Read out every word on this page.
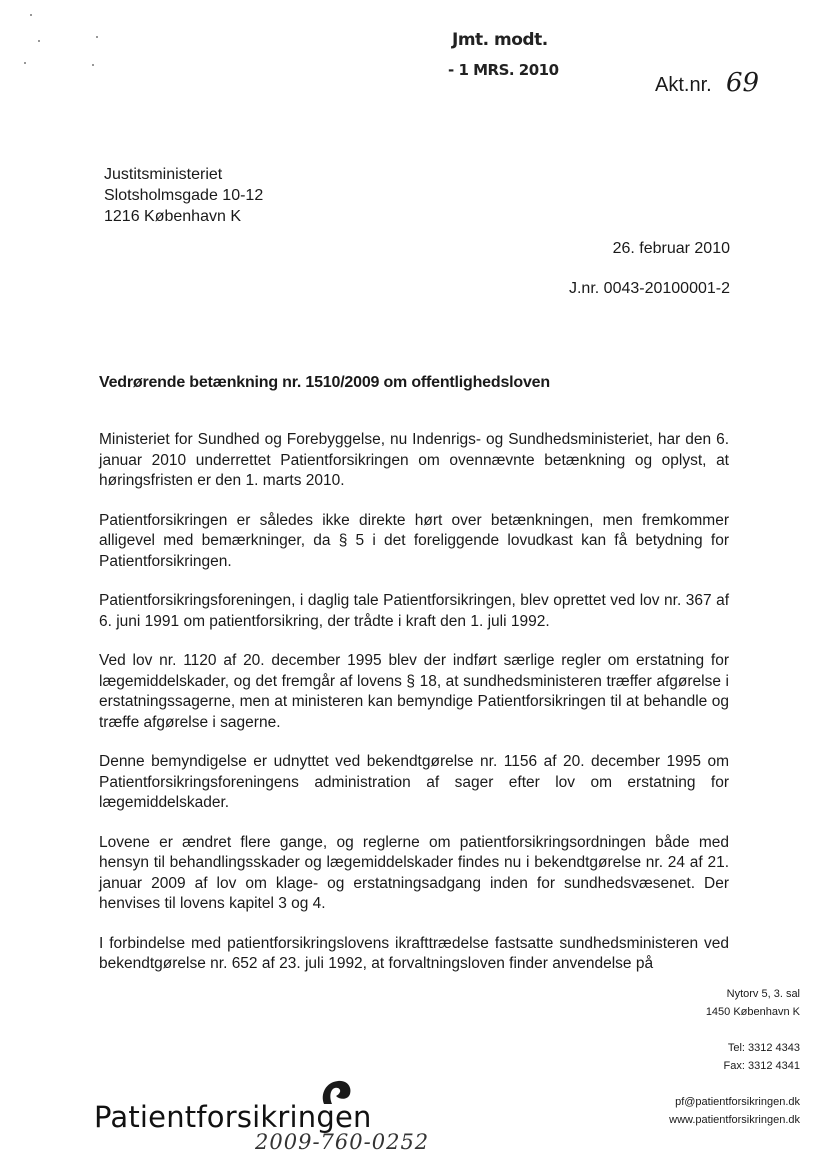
Jmt. modt.
- 1 MRS. 2010
Akt.nr. 69
Justitsministeriet
Slotsholmsgade 10-12
1216 København K
26. februar 2010
J.nr. 0043-20100001-2
Vedrørende betænkning nr. 1510/2009 om offentlighedsloven

Ministeriet for Sundhed og Forebyggelse, nu Indenrigs- og Sundhedsministeriet, har den 6. januar 2010 underrettet Patientforsikringen om ovennævnte betænkning og oplyst, at høringsfristen er den 1. marts 2010.

Patientforsikringen er således ikke direkte hørt over betænkningen, men fremkommer alligevel med bemærkninger, da § 5 i det foreliggende lovudkast kan få betydning for Patientforsikringen.

Patientforsikringsforeningen, i daglig tale Patientforsikringen, blev oprettet ved lov nr. 367 af 6. juni 1991 om patientforsikring, der trådte i kraft den 1. juli 1992.

Ved lov nr. 1120 af 20. december 1995 blev der indført særlige regler om erstatning for lægemiddelskader, og det fremgår af lovens § 18, at sundhedsministeren træffer afgørelse i erstatningssagerne, men at ministeren kan bemyndige Patientforsikringen til at behandle og træffe afgørelse i sagerne.

Denne bemyndigelse er udnyttet ved bekendtgørelse nr. 1156 af 20. december 1995 om Patientforsikringsforeningens administration af sager efter lov om erstatning for lægemiddelskader.

Lovene er ændret flere gange, og reglerne om patientforsikringsordningen både med hensyn til behandlingsskader og lægemiddelskader findes nu i bekendtgørelse nr. 24 af 21. januar 2009 af lov om klage- og erstatningsadgang inden for sundhedsvæsenet. Der henvises til lovens kapitel 3 og 4.

I forbindelse med patientforsikringslovens ikrafttrædelse fastsatte sundhedsministeren ved bekendtgørelse nr. 652 af 23. juli 1992, at forvaltningsloven finder anvendelse på

Nytorv 5, 3. sal
1450 København K
Tel: 3312 4343
Fax: 3312 4341
pf@patientforsikringen.dk
www.patientforsikringen.dk
Patientforsikringen
2009-760-0252
